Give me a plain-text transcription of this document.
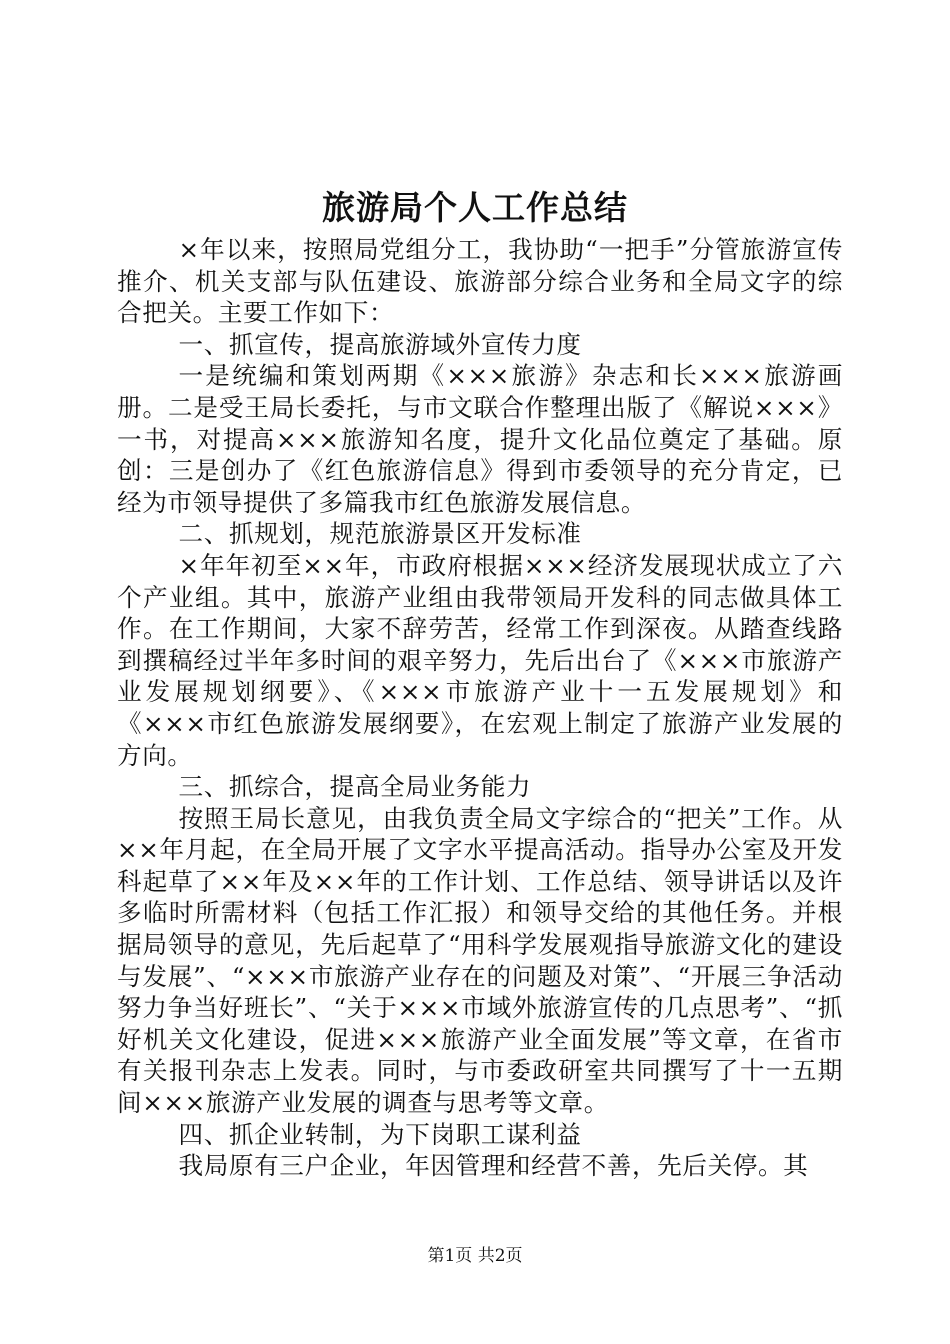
旅游局个人工作总结

×年以来，按照局党组分工，我协助“一把手”分管旅游宣传推介、机关支部与队伍建设、旅游部分综合业务和全局文字的综合把关。主要工作如下：

一、抓宣传，提高旅游域外宣传力度

一是统编和策划两期《×××旅游》杂志和长×××旅游画册。二是受王局长委托，与市文联合作整理出版了《解说×××》一书，对提高×××旅游知名度，提升文化品位奠定了基础。原创：三是创办了《红色旅游信息》得到市委领导的充分肯定，已经为市领导提供了多篇我市红色旅游发展信息。

二、抓规划，规范旅游景区开发标准

×年年初至××年，市政府根据×××经济发展现状成立了六个产业组。其中，旅游产业组由我带领局开发科的同志做具体工作。在工作期间，大家不辞劳苦，经常工作到深夜。从踏查线路到撰稿经过半年多时间的艰辛努力，先后出台了《×××市旅游产业发展规划纲要》、《×××市旅游产业十一五发展规划》和《×××市红色旅游发展纲要》，在宏观上制定了旅游产业发展的方向。

三、抓综合，提高全局业务能力

按照王局长意见，由我负责全局文字综合的“把关”工作。从××年月起，在全局开展了文字水平提高活动。指导办公室及开发科起草了××年及××年的工作计划、工作总结、领导讲话以及许多临时所需材料（包括工作汇报）和领导交给的其他任务。并根据局领导的意见，先后起草了“用科学发展观指导旅游文化的建设与发展”、“×××市旅游产业存在的问题及对策”、“开展三争活动努力争当好班长”、“关于×××市域外旅游宣传的几点思考”、“抓好机关文化建设，促进×××旅游产业全面发展”等文章，在省市有关报刊杂志上发表。同时，与市委政研室共同撰写了十一五期间×××旅游产业发展的调查与思考等文章。

四、抓企业转制，为下岗职工谋利益

我局原有三户企业，年因管理和经营不善，先后关停。其

第1页 共2页
